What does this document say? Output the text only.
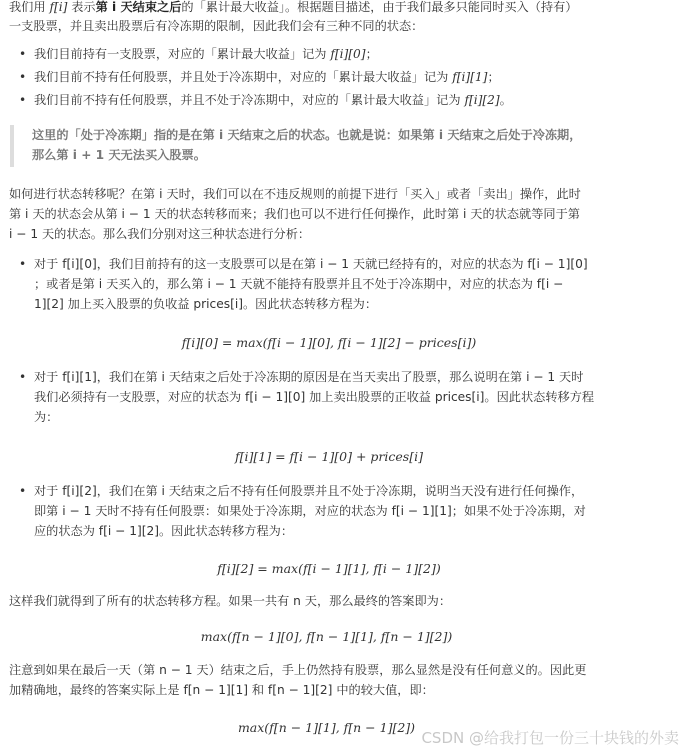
我们用 f[i] 表示第 i 天结束之后的「累计最大收益」。根据题目描述，由于我们最多只能同时买入（持有）
一支股票，并且卖出股票后有冷冻期的限制，因此我们会有三种不同的状态：

• 我们目前持有一支股票，对应的「累计最大收益」记为 f[i][0]；
• 我们目前不持有任何股票，并且处于冷冻期中，对应的「累计最大收益」记为 f[i][1]；
• 我们目前不持有任何股票，并且不处于冷冻期中，对应的「累计最大收益」记为 f[i][2]。
这里的「处于冷冻期」指的是在第 i 天结束之后的状态。也就是说：如果第 i 天结束之后处于冷冻期，
那么第 i + 1 天无法买入股票。

如何进行状态转移呢？在第 i 天时，我们可以在不违反规则的前提下进行「买入」或者「卖出」操作，此时
第 i 天的状态会从第 i − 1 天的状态转移而来；我们也可以不进行任何操作，此时第 i 天的状态就等同于第
i − 1 天的状态。那么我们分别对这三种状态进行分析：

• 对于 f[i][0]，我们目前持有的这一支股票可以是在第 i − 1 天就已经持有的，对应的状态为 f[i − 1][0]
；或者是第 i 天买入的，那么第 i − 1 天就不能持有股票并且不处于冷冻期中，对应的状态为 f[i −
1][2] 加上买入股票的负收益 prices[i]。因此状态转移方程为：
f[i][0] = max(f[i − 1][0], f[i − 1][2] − prices[i])
• 对于 f[i][1]，我们在第 i 天结束之后处于冷冻期的原因是在当天卖出了股票，那么说明在第 i − 1 天时
我们必须持有一支股票，对应的状态为 f[i − 1][0] 加上卖出股票的正收益 prices[i]。因此状态转移方程
为：
f[i][1] = f[i − 1][0] + prices[i]
• 对于 f[i][2]，我们在第 i 天结束之后不持有任何股票并且不处于冷冻期，说明当天没有进行任何操作，
即第 i − 1 天时不持有任何股票：如果处于冷冻期，对应的状态为 f[i − 1][1]；如果不处于冷冻期，对
应的状态为 f[i − 1][2]。因此状态转移方程为：
f[i][2] = max(f[i − 1][1], f[i − 1][2])

这样我们就得到了所有的状态转移方程。如果一共有 n 天，那么最终的答案即为：

max(f[n − 1][0], f[n − 1][1], f[n − 1][2])

注意到如果在最后一天（第 n − 1 天）结束之后，手上仍然持有股票，那么显然是没有任何意义的。因此更
加精确地，最终的答案实际上是 f[n − 1][1] 和 f[n − 1][2] 中的较大值，即：

max(f[n − 1][1], f[n − 1][2])
CSDN @给我打包一份三十块钱的外卖
